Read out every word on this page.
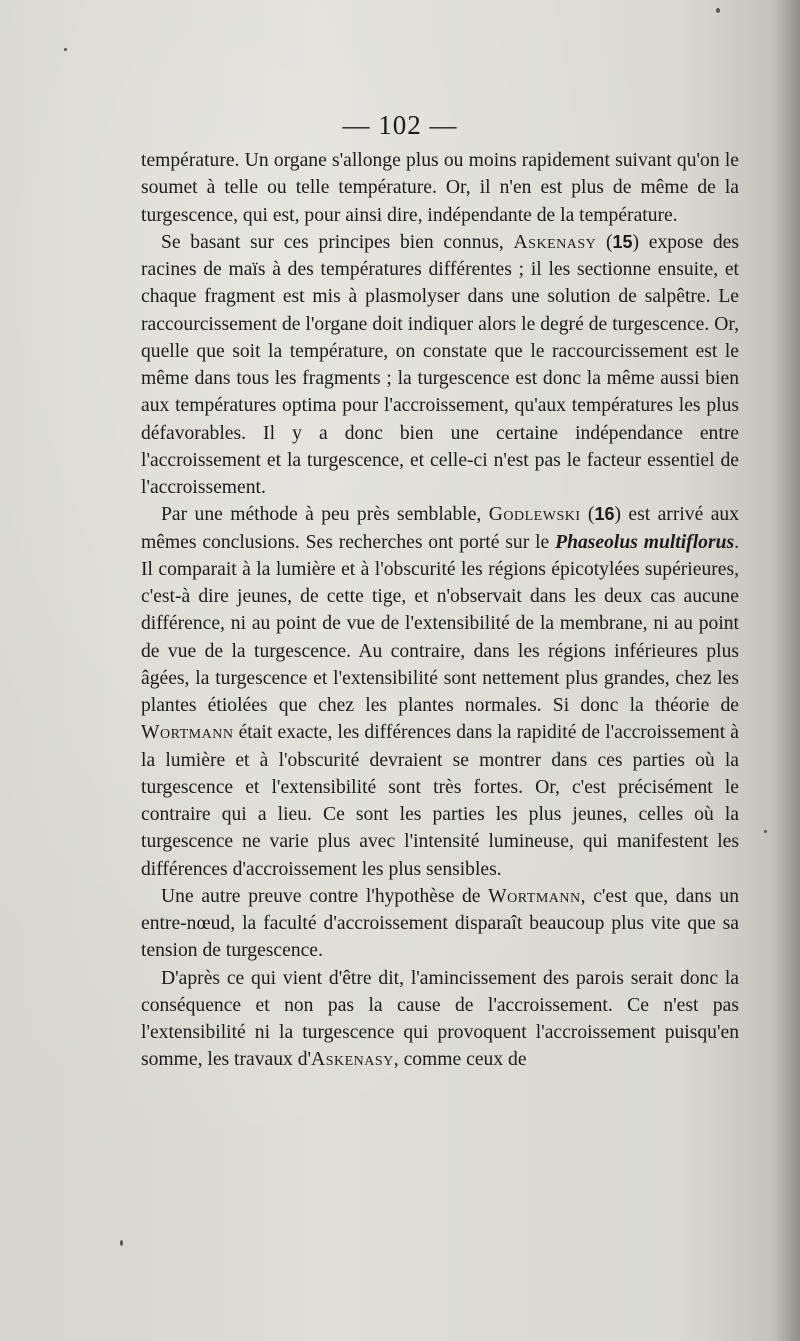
— 102 —

température. Un organe s'allonge plus ou moins rapidement suivant qu'on le soumet à telle ou telle température. Or, il n'en est plus de même de la turgescence, qui est, pour ainsi dire, indépendante de la température.

Se basant sur ces principes bien connus, Askenasy (15) expose des racines de maïs à des températures différentes ; il les sectionne ensuite, et chaque fragment est mis à plasmolyser dans une solution de salpêtre. Le raccourcissement de l'organe doit indiquer alors le degré de turgescence. Or, quelle que soit la température, on constate que le raccourcissement est le même dans tous les fragments ; la turgescence est donc la même aussi bien aux températures optima pour l'accroissement, qu'aux températures les plus défavorables. Il y a donc bien une certaine indépendance entre l'accroissement et la turgescence, et celle-ci n'est pas le facteur essentiel de l'accroissement.

Par une méthode à peu près semblable, Godlewski (16) est arrivé aux mêmes conclusions. Ses recherches ont porté sur le Phaseolus multiflorus. Il comparait à la lumière et à l'obscurité les régions épicotylées supérieures, c'est-à dire jeunes, de cette tige, et n'observait dans les deux cas aucune différence, ni au point de vue de l'extensibilité de la membrane, ni au point de vue de la turgescence. Au contraire, dans les régions inférieures plus âgées, la turgescence et l'extensibilité sont nettement plus grandes, chez les plantes étiolées que chez les plantes normales. Si donc la théorie de Wortmann était exacte, les différences dans la rapidité de l'accroissement à la lumière et à l'obscurité devraient se montrer dans ces parties où la turgescence et l'extensibilité sont très fortes. Or, c'est précisément le contraire qui a lieu. Ce sont les parties les plus jeunes, celles où la turgescence ne varie plus avec l'intensité lumineuse, qui manifestent les différences d'accroissement les plus sensibles.

Une autre preuve contre l'hypothèse de Wortmann, c'est que, dans un entre-nœud, la faculté d'accroissement disparaît beaucoup plus vite que sa tension de turgescence.

D'après ce qui vient d'être dit, l'amincissement des parois serait donc la conséquence et non pas la cause de l'accroissement. Ce n'est pas l'extensibilité ni la turgescence qui provoquent l'accroissement puisqu'en somme, les travaux d'Askenasy, comme ceux de
